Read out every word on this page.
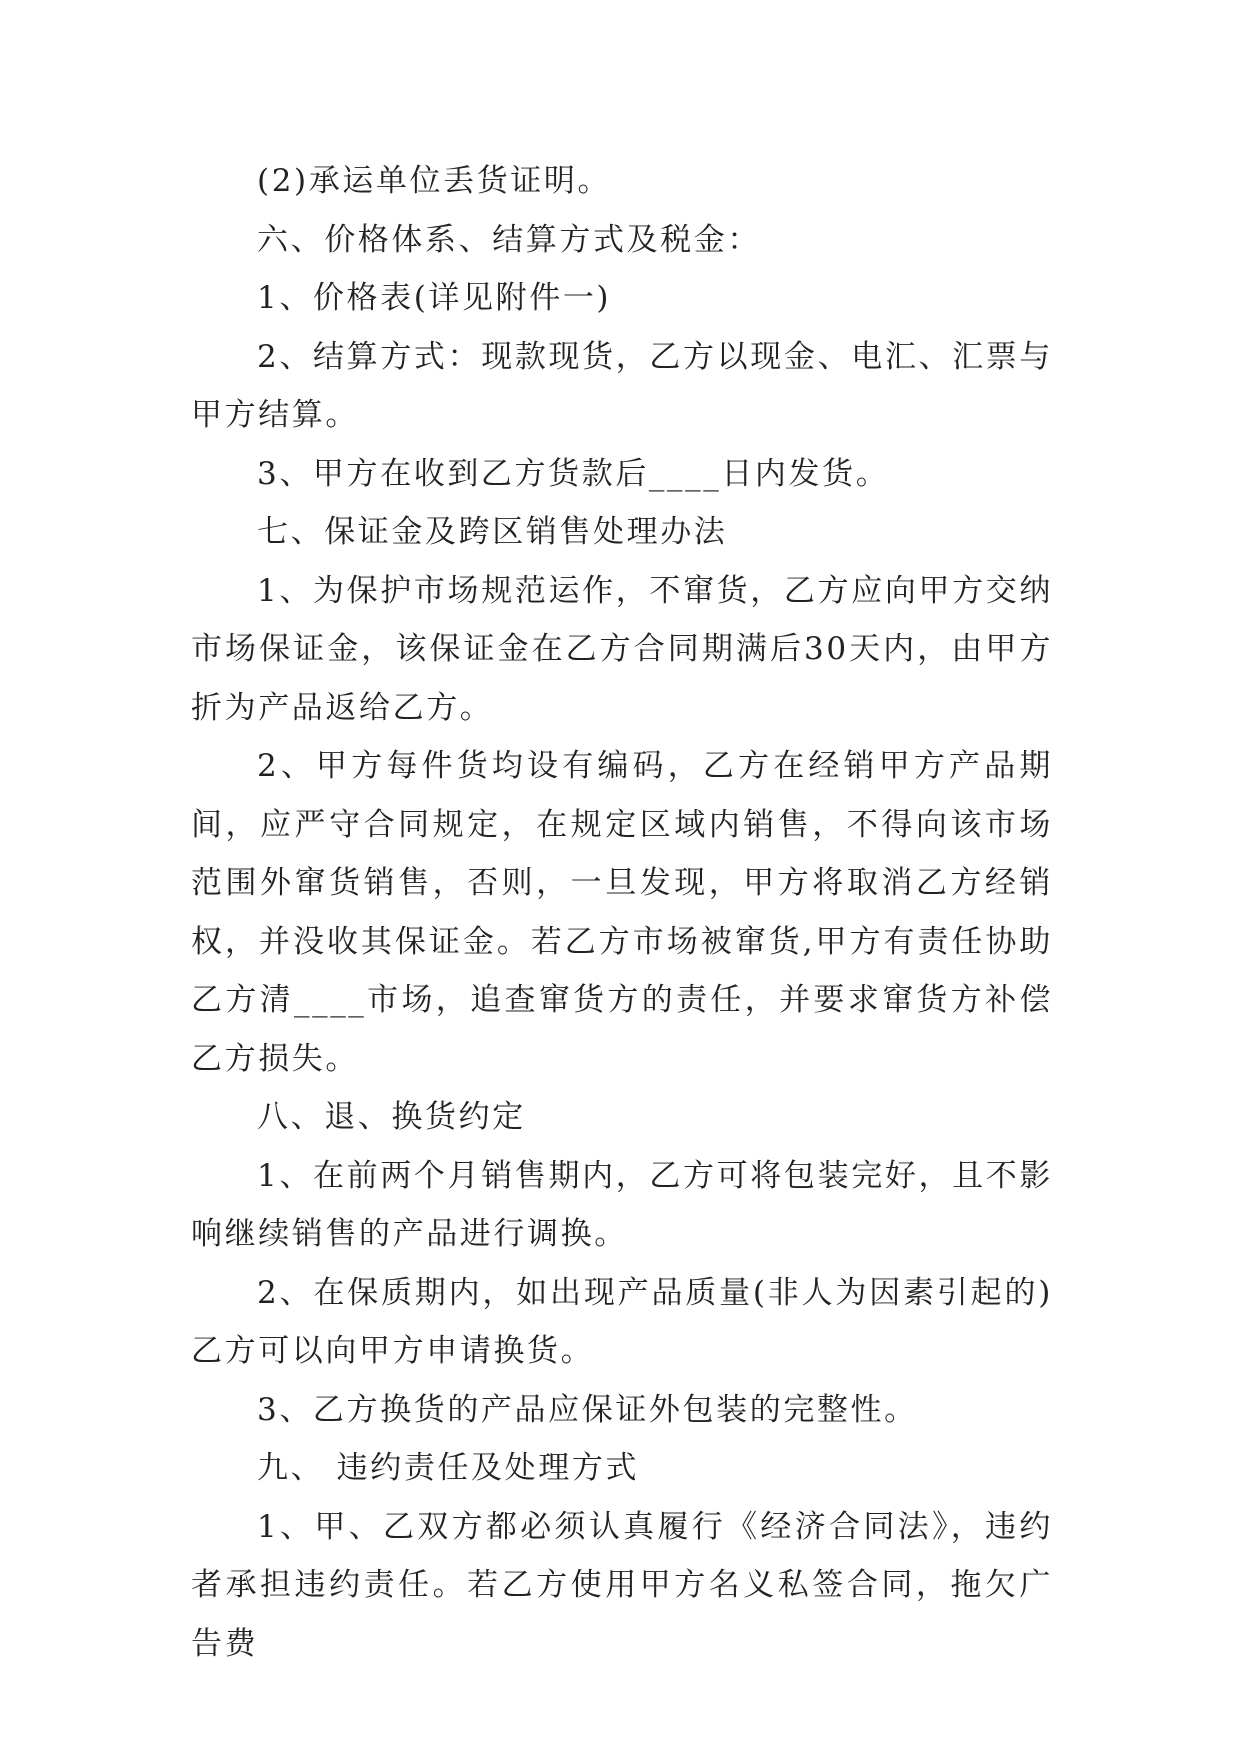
(2)承运单位丢货证明。

六、价格体系、结算方式及税金：

1、价格表(详见附件一)

2、结算方式：现款现货，乙方以现金、电汇、汇票与甲方结算。

3、甲方在收到乙方货款后____日内发货。

七、保证金及跨区销售处理办法

1、为保护市场规范运作，不窜货，乙方应向甲方交纳市场保证金，该保证金在乙方合同期满后30天内，由甲方折为产品返给乙方。

2、甲方每件货均设有编码，乙方在经销甲方产品期间，应严守合同规定，在规定区域内销售，不得向该市场范围外窜货销售，否则，一旦发现，甲方将取消乙方经销权，并没收其保证金。若乙方市场被窜货,甲方有责任协助乙方清____市场，追查窜货方的责任，并要求窜货方补偿乙方损失。

八、退、换货约定

1、在前两个月销售期内，乙方可将包装完好，且不影响继续销售的产品进行调换。

2、在保质期内，如出现产品质量(非人为因素引起的)乙方可以向甲方申请换货。

3、乙方换货的产品应保证外包装的完整性。

九、 违约责任及处理方式

1、甲、乙双方都必须认真履行《经济合同法》，违约者承担违约责任。若乙方使用甲方名义私签合同，拖欠广告费
